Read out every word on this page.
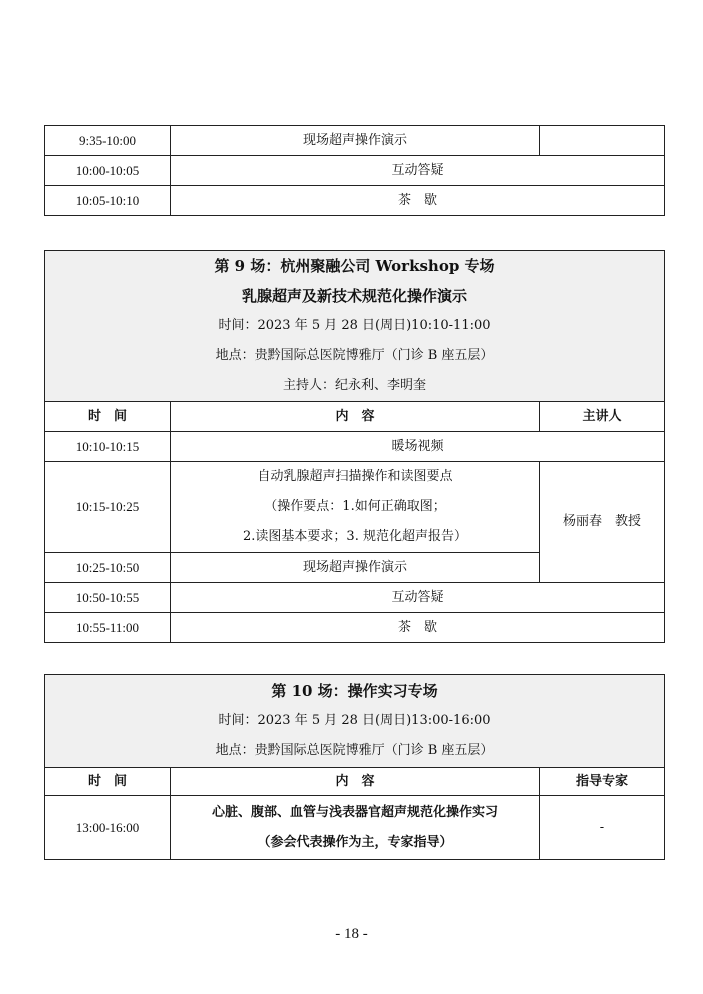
9:35-10:00	现场超声操作演示	
10:00-10:05	互动答疑	
10:05-10:10	茶　歇	
第 9 场：杭州聚融公司 Workshop 专场
乳腺超声及新技术规范化操作演示
时间：2023 年 5 月 28 日(周日)10:10-11:00
地点：贵黔国际总医院博雅厅（门诊 B 座五层）
主持人：纪永利、李明奎		

时　间	内　容	主讲人
10:10-10:15	暖场视频	
10:15-10:25	自动乳腺超声扫描操作和读图要点
（操作要点：1.如何正确取图；
2.读图基本要求；3. 规范化超声报告）	杨丽春　教授
10:25-10:50	现场超声操作演示	
10:50-10:55	互动答疑	
10:55-11:00	茶　歇	
第 10 场：操作实习专场
时间：2023 年 5 月 28 日(周日)13:00-16:00
地点：贵黔国际总医院博雅厅（门诊 B 座五层）		

时　间	内　容	指导专家
13:00-16:00	心脏、腹部、血管与浅表器官超声规范化操作实习
（参会代表操作为主，专家指导）	-
- 18 -
